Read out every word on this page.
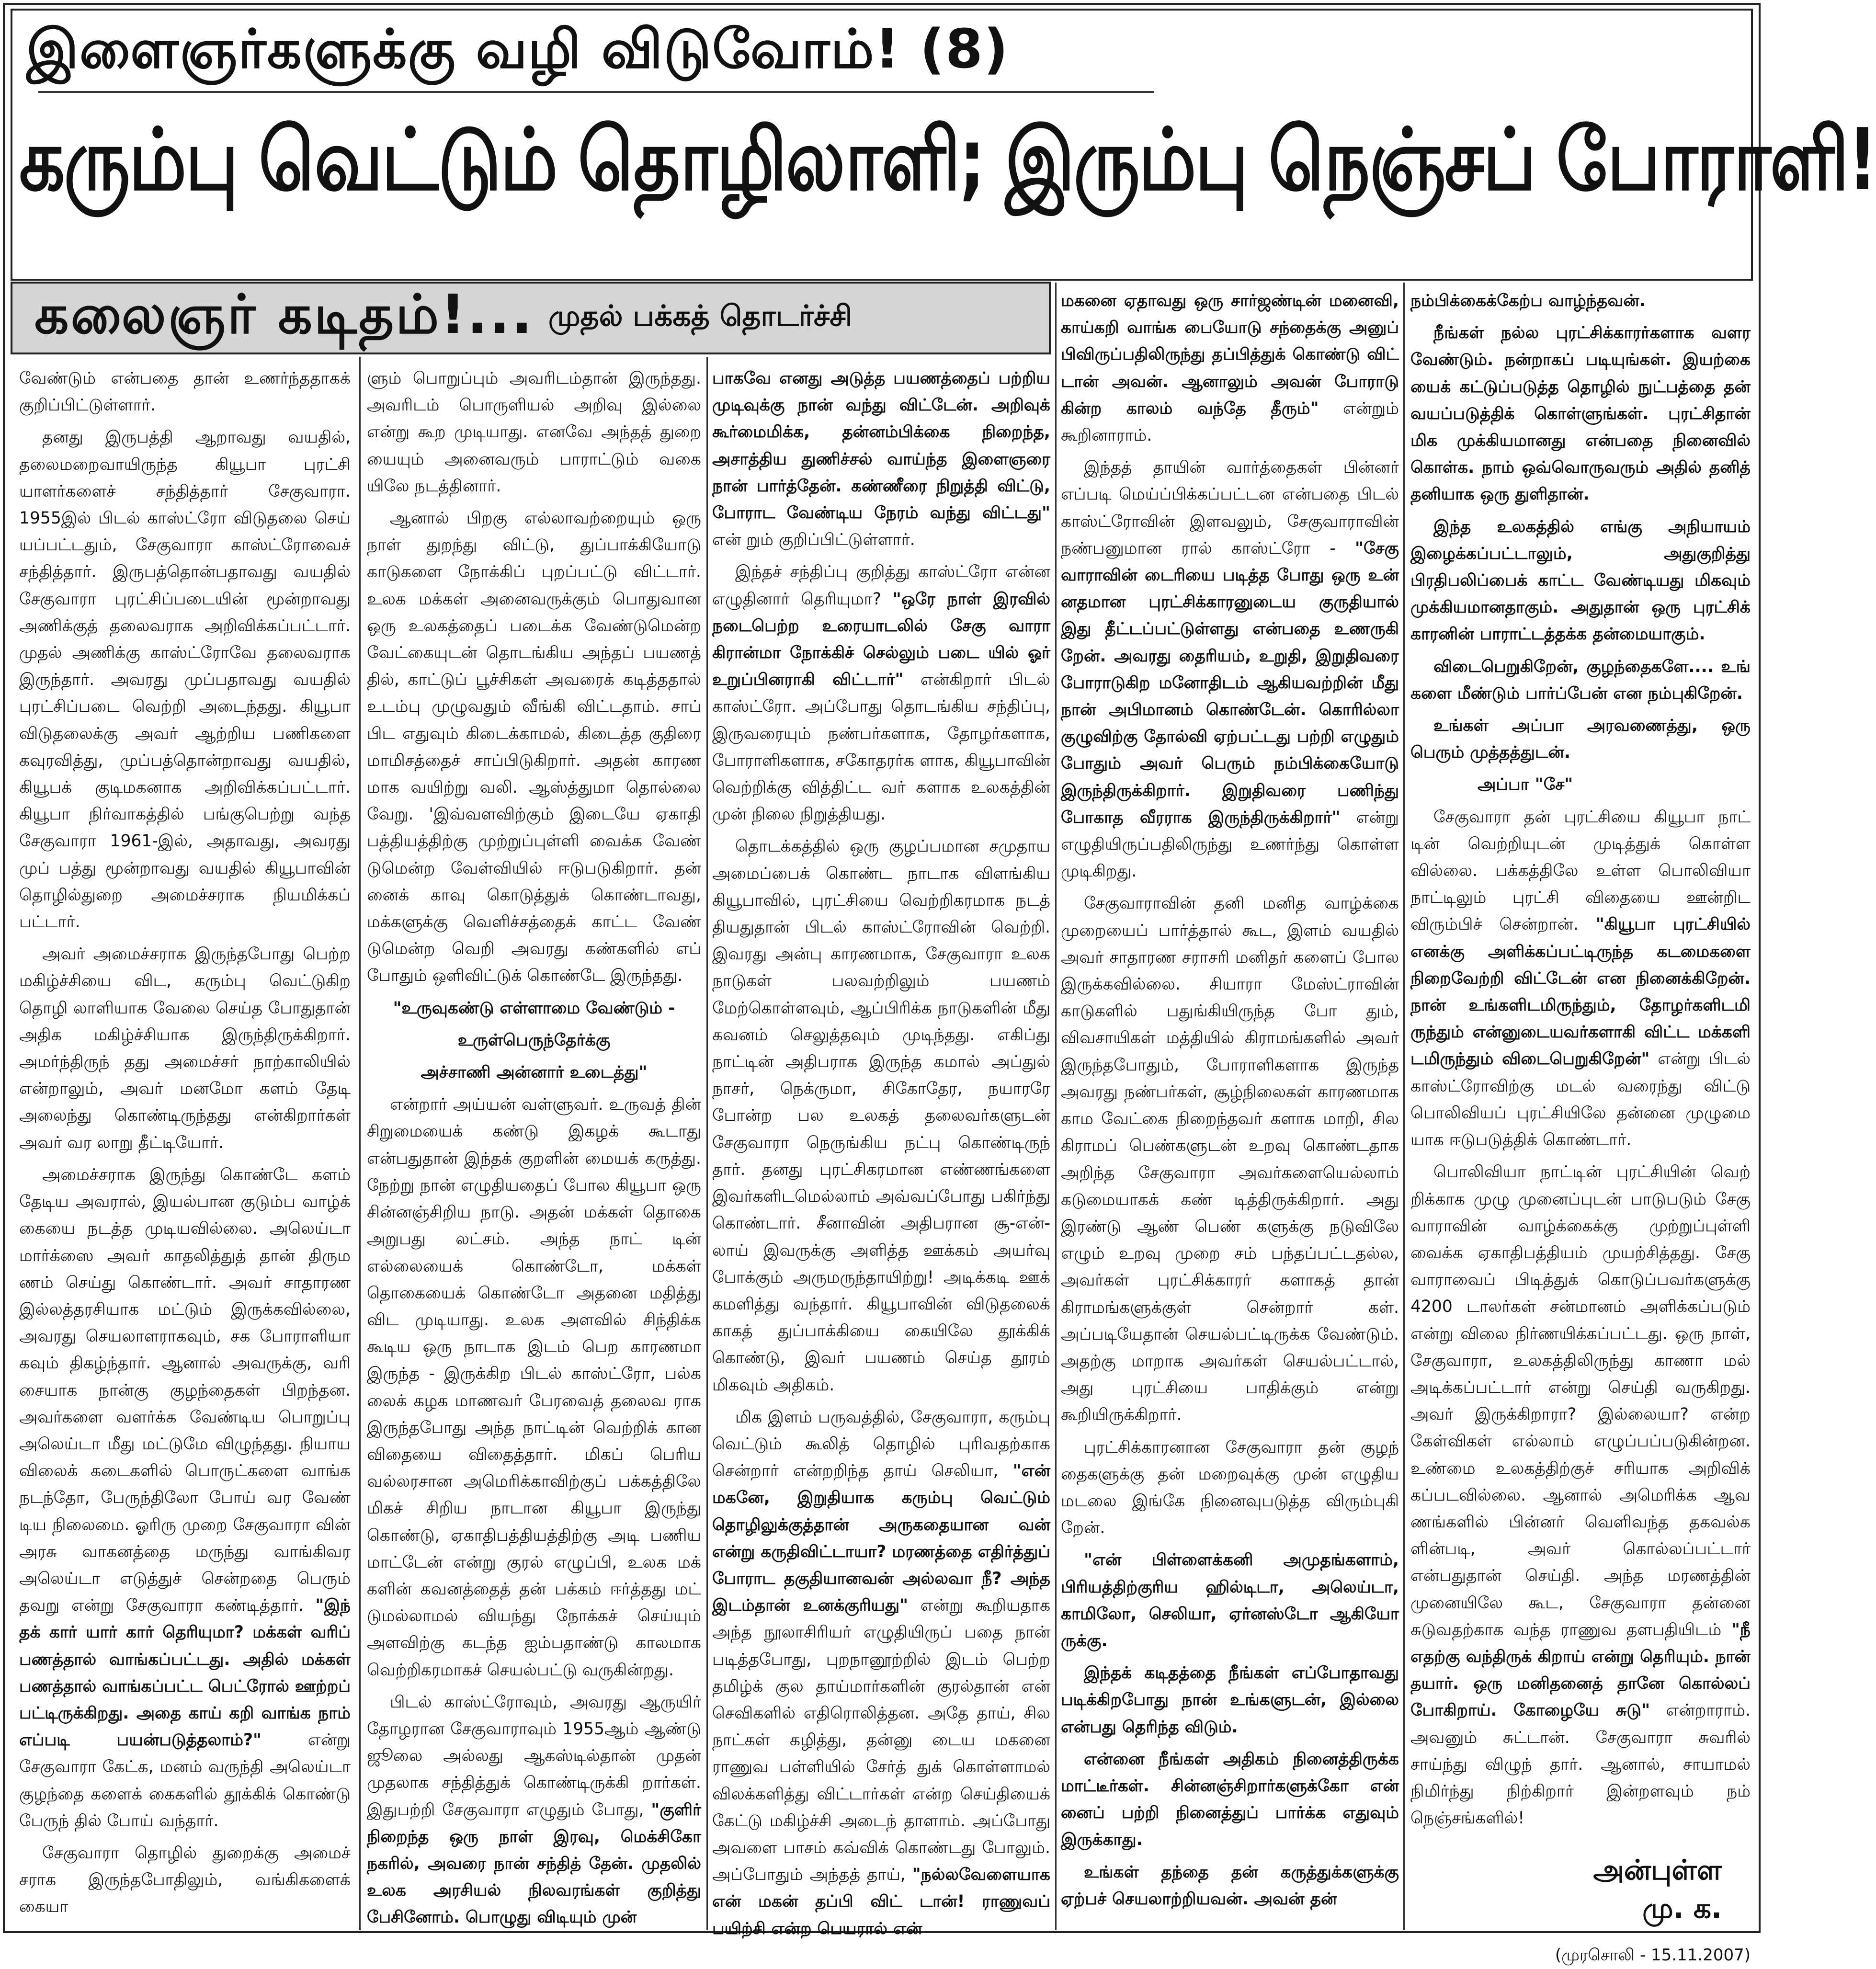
இளைஞர்களுக்கு வழி விடுவோம்! (8)
கரும்பு வெட்டும் தொழிலாளி; இரும்பு நெஞ்சப் போராளி!
கலைஞர் கடிதம்!... முதல் பக்கத் தொடர்ச்சி

வேண்டும் என்பதை தான் உணர்ந்ததாகக் குறிப்பிட்டுள்ளார்.

தனது இருபத்தி ஆறாவது வயதில், தலைமறைவாயிருந்த கியூபா புரட்சி யாளர்களைச் சந்தித்தார் சேகுவாரா. 1955இல் பிடல் காஸ்ட்ரோ விடுதலை செய் யப்பட்டதும், சேகுவாரா காஸ்ட்ரோவைச் சந்தித்தார். இருபத்தொன்பதாவது வயதில் சேகுவாரா புரட்சிப்படையின் மூன்றாவது அணிக்குத் தலைவராக அறிவிக்கப்பட்டார். முதல் அணிக்கு காஸ்ட்ரோவே தலைவராக இருந்தார். அவரது முப்பதாவது வயதில் புரட்சிப்படை வெற்றி அடைந்தது. கியூபா விடுதலைக்கு அவர் ஆற்றிய பணிகளை கவுரவித்து, முப்பத்தொன்றாவது வயதில், கியூபக் குடிமகனாக அறிவிக்கப்பட்டார். கியூபா நிர்வாகத்தில் பங்குபெற்று வந்த சேகுவாரா 1961-இல், அதாவது, அவரது முப் பத்து மூன்றாவது வயதில் கியூபாவின் தொழில்துறை அமைச்சராக நியமிக்கப் பட்டார்.

அவர் அமைச்சராக இருந்தபோது பெற்ற மகிழ்ச்சியை விட, கரும்பு வெட்டுகிற தொழி லாளியாக வேலை செய்த போதுதான் அதிக மகிழ்ச்சியாக இருந்திருக்கிறார். அமர்ந்திருந் தது அமைச்சர் நாற்காலியில் என்றாலும், அவர் மனமோ களம் தேடி அலைந்து கொண்டிருந்தது என்கிறார்கள் அவர் வர லாறு தீட்டியோர்.

அமைச்சராக இருந்து கொண்டே களம் தேடிய அவரால், இயல்பான குடும்ப வாழ்க் கையை நடத்த முடியவில்லை. அலெய்டா மார்க்ஸை அவர் காதலித்துத் தான் திரும ணம் செய்து கொண்டார். அவர் சாதாரண இல்லத்தரசியாக மட்டும் இருக்கவில்லை, அவரது செயலாளராகவும், சக போராளியா கவும் திகழ்ந்தார். ஆனால் அவருக்கு, வரி சையாக நான்கு குழந்தைகள் பிறந்தன. அவர்களை வளர்க்க வேண்டிய பொறுப்பு அலெய்டா மீது மட்டுமே விழுந்தது. நியாய விலைக் கடைகளில் பொருட்களை வாங்க நடந்தோ, பேருந்திலோ போய் வர வேண் டிய நிலைமை. ஓரிரு முறை சேகுவாரா வின் அரசு வாகனத்தை மருந்து வாங்கிவர அலெய்டா எடுத்துச் சென்றதை பெரும் தவறு என்று சேகுவாரா கண்டித்தார். "இந் தக் கார் யார் கார் தெரியுமா? மக்கள் வரிப் பணத்தால் வாங்கப்பட்டது. அதில் மக்கள் பணத்தால் வாங்கப்பட்ட பெட்ரோல் ஊற்றப் பட்டிருக்கிறது. அதை காய் கறி வாங்க நாம் எப்படி பயன்படுத்தலாம்?"	என்று சேகுவாரா கேட்க, மனம் வருந்தி அலெய்டா குழந்தை களைக் கைகளில் தூக்கிக் கொண்டு பேருந் தில் போய் வந்தார்.

சேகுவாரா தொழில் துறைக்கு அமைச் சராக இருந்தபோதிலும், வங்கிகளைக் கையா

ளும் பொறுப்பும் அவரிடம்தான் இருந்தது. அவரிடம் பொருளியல் அறிவு இல்லை என்று கூற முடியாது. எனவே அந்தத் துறை யையும் அனைவரும் பாராட்டும் வகை யிலே நடத்தினார்.

ஆனால் பிறகு எல்லாவற்றையும் ஒரு நாள் துறந்து விட்டு, துப்பாக்கியோடு காடுகளை நோக்கிப் புறப்பட்டு விட்டார். உலக மக்கள் அனைவருக்கும் பொதுவான ஒரு உலகத்தைப் படைக்க வேண்டுமென்ற வேட்கையுடன் தொடங்கிய அந்தப் பயணத் தில், காட்டுப் பூச்சிகள் அவரைக் கடித்ததால் உடம்பு முழுவதும் வீங்கி விட்டதாம். சாப் பிட எதுவும் கிடைக்காமல், கிடைத்த குதிரை மாமிசத்தைச் சாப்பிடுகிறார். அதன் காரண மாக வயிற்று வலி. ஆஸ்த்துமா தொல்லை வேறு. 'இவ்வளவிற்கும் இடையே ஏகாதி பத்தியத்திற்கு முற்றுப்புள்ளி வைக்க வேண் டுமென்ற வேள்வியில் ஈடுபடுகிறார். தன் னைக் காவு கொடுத்துக் கொண்டாவது, மக்களுக்கு வெளிச்சத்தைக் காட்ட வேண் டுமென்ற வெறி அவரது கண்களில் எப் போதும் ஒளிவிட்டுக் கொண்டே இருந்தது.

"உருவுகண்டு எள்ளாமை வேண்டும் -

உருள்பெருந்தேர்க்கு

அச்சாணி அன்னார் உடைத்து"

என்றார் அய்யன் வள்ளுவர். உருவத் தின் சிறுமையைக் கண்டு இகழக் கூடாது என்பதுதான் இந்தக் குறளின் மையக் கருத்து. நேற்று நான் எழுதியதைப் போல கியூபா ஒரு சின்னஞ்சிறிய நாடு. அதன் மக்கள் தொகை அறுபது லட்சம். அந்த நாட் டின் எல்லையைக் கொண்டோ, மக்கள் தொகையைக் கொண்டோ அதனை மதித்து விட முடியாது. உலக அளவில் சிந்திக்க கூடிய ஒரு நாடாக இடம் பெற காரணமா இருந்த - இருக்கிற பிடல் காஸ்ட்ரோ, பல்க லைக் கழக மாணவர் பேரவைத் தலைவ ராக இருந்தபோது அந்த நாட்டின் வெற்றிக் கான விதையை விதைத்தார். மிகப் பெரிய வல்லரசான அமெரிக்காவிற்குப் பக்கத்திலே மிகச் சிறிய நாடான கியூபா இருந்து கொண்டு, ஏகாதிபத்தியத்திற்கு அடி பணிய மாட்டேன் என்று குரல் எழுப்பி, உலக மக் களின் கவனத்தைத் தன் பக்கம் ஈர்த்தது மட் டுமல்லாமல் வியந்து நோக்கச் செய்யும் அளவிற்கு கடந்த ஐம்பதாண்டு காலமாக வெற்றிகரமாகச் செயல்பட்டு வருகின்றது.

பிடல் காஸ்ட்ரோவும், அவரது ஆருயிர் தோழரான சேகுவாராவும் 1955ஆம் ஆண்டு ஜூலை அல்லது ஆகஸ்டில்தான் முதன் முதலாக சந்தித்துக் கொண்டிருக்கி றார்கள். இதுபற்றி சேகுவாரா எழுதும் போது, "குளிர் நிறைந்த ஒரு நாள் இரவு, மெக்சிகோ நகரில், அவரை நான் சந்தித் தேன். முதலில் உலக அரசியல் நிலவரங்கள் குறித்து பேசினோம். பொழுது விடியும் முன்

பாகவே எனது அடுத்த பயணத்தைப் பற்றிய முடிவுக்கு நான் வந்து விட்டேன். அறிவுக் கூர்மைமிக்க, தன்னம்பிக்கை நிறைந்த, அசாத்திய துணிச்சல் வாய்ந்த இளைஞரை நான் பார்த்தேன். கண்ணீரை நிறுத்தி விட்டு, போராட வேண்டிய நேரம் வந்து விட்டது" என் றும் குறிப்பிட்டுள்ளார்.

இந்தச் சந்திப்பு குறித்து காஸ்ட்ரோ என்ன எழுதினார் தெரியுமா? "ஒரே நாள் இரவில் நடைபெற்ற உரையாடலில் சேகு வாரா கிரான்மா நோக்கிச் செல்லும் படை யில் ஓர் உறுப்பினராகி விட்டார்" என்கிறார் பிடல் காஸ்ட்ரோ. அப்போது தொடங்கிய சந்திப்பு, இருவரையும் நண்பர்களாக, தோழர்களாக, போராளிகளாக, சகோதரர்க ளாக, கியூபாவின் வெற்றிக்கு வித்திட்ட வர் களாக உலகத்தின் முன் நிலை நிறுத்தியது.

தொடக்கத்தில் ஒரு குழப்பமான சமுதாய அமைப்பைக் கொண்ட நாடாக விளங்கிய கியூபாவில், புரட்சியை வெற்றிகரமாக நடத் தியதுதான் பிடல் காஸ்ட்ரோவின் வெற்றி. இவரது அன்பு காரணமாக, சேகுவாரா உலக நாடுகள் பலவற்றிலும் பயணம் மேற்கொள்ளவும், ஆப்பிரிக்க நாடுகளின் மீது கவனம் செலுத்தவும் முடிந்தது. எகிப்து நாட்டின் அதிபராக இருந்த கமால் அப்துல் நாசர், நெக்ருமா, சிகோதேர, நயாரரே போன்ற பல உலகத் தலைவர்களுடன் சேகுவாரா நெருங்கிய நட்பு கொண்டிருந் தார். தனது புரட்சிகரமான எண்ணங்களை இவர்களிடமெல்லாம் அவ்வப்போது பகிர்ந்து கொண்டார். சீனாவின் அதிபரான சூ-என்- லாய் இவருக்கு அளித்த ஊக்கம் அயர்வு போக்கும் அருமருந்தாயிற்று! அடிக்கடி ஊக் கமளித்து வந்தார். கியூபாவின் விடுதலைக் காகத் துப்பாக்கியை கையிலே தூக்கிக் கொண்டு, இவர் பயணம் செய்த தூரம் மிகவும் அதிகம்.

மிக இளம் பருவத்தில், சேகுவாரா, கரும்பு வெட்டும் கூலித் தொழில் புரிவதற்காக சென்றார் என்றறிந்த தாய் செலியா, "என் மகனே, இறுதியாக கரும்பு வெட்டும் தொழிலுக்குத்தான் அருகதையான வன் என்று கருதிவிட்டாயா? மரணத்தை எதிர்த்துப் போராட தகுதியானவன் அல்லவா நீ? அந்த இடம்தான் உனக்குரியது" என்று கூறியதாக அந்த நூலாசிரியர் எழுதியிருப் பதை நான் படித்தபோது, புறநானூற்றில் இடம் பெற்ற தமிழ்க் குல தாய்மார்களின் குரல்தான் என் செவிகளில் எதிரொலித்தன. அதே தாய், சில நாட்கள் கழித்து, தன்னு டைய மகனை ராணுவ பள்ளியில் சேர்த் துக் கொள்ளாமல் விலக்களித்து விட்டார்கள் என்ற செய்தியைக் கேட்டு மகிழ்ச்சி அடைந் தாளாம். அப்போது அவளை பாசம் கவ்விக் கொண்டது போலும். அப்போதும் அந்தத் தாய், "நல்லவேளையாக என் மகன் தப்பி விட் டான்! ராணுவப் பயிற்சி என்ற பெயரால் என்

மகனை ஏதாவது ஒரு சார்ஜண்டின் மனைவி, காய்கறி வாங்க பையோடு சந்தைக்கு அனுப் பிவிருப்பதிலிருந்து தப்பித்துக் கொண்டு விட் டான் அவன். ஆனாலும் அவன் போராடு கின்ற காலம் வந்தே தீரும்" என்றும் கூறினாராம்.

இந்தத் தாயின் வார்த்தைகள் பின்னர் எப்படி மெய்ப்பிக்கப்பட்டன என்பதை பிடல் காஸ்ட்ரோவின் இளவலும், சேகுவாராவின் நண்பனுமான ரால் காஸ்ட்ரோ - "சேகு வாராவின் டைரியை படித்த போது ஒரு உன் னதமான புரட்சிக்காரனுடைய குருதியால் இது தீட்டப்பட்டுள்ளது என்பதை உணருகி றேன். அவரது தைரியம், உறுதி, இறுதிவரை போராடுகிற மனோதிடம் ஆகியவற்றின் மீது நான் அபிமானம் கொண்டேன். கொரில்லா குழுவிற்கு தோல்வி ஏற்பட்டது பற்றி எழுதும் போதும் அவர் பெரும் நம்பிக்கையோடு இருந்திருக்கிறார். இறுதிவரை பணிந்து போகாத வீரராக இருந்திருக்கிறார்" என்று எழுதியிருப்பதிலிருந்து உணர்ந்து கொள்ள முடிகிறது.

சேகுவாராவின் தனி மனித வாழ்க்கை முறையைப் பார்த்தால் கூட, இளம் வயதில் அவர் சாதாரண சராசரி மனிதர் களைப் போல இருக்கவில்லை. சியாரா மேஸ்ட்ராவின் காடுகளில் பதுங்கியிருந்த போ தும், விவசாயிகள் மத்தியில் கிராமங்களில் அவர் இருந்தபோதும், போராளிகளாக இருந்த அவரது நண்பர்கள், சூழ்நிலைகள் காரணமாக காம வேட்கை நிறைந்தவர் களாக மாறி, சில கிராமப் பெண்களுடன் உறவு கொண்டதாக அறிந்த சேகுவாரா அவர்களையெல்லாம் கடுமையாகக் கண் டித்திருக்கிறார். அது இரண்டு ஆண் பெண் களுக்கு நடுவிலே எழும் உறவு முறை சம் பந்தப்பட்டதல்ல, அவர்கள் புரட்சிக்காரர் களாகத் தான் கிராமங்களுக்குள் சென்றார் கள். அப்படியேதான் செயல்பட்டிருக்க வேண்டும். அதற்கு மாறாக அவர்கள் செயல்பட்டால், அது புரட்சியை பாதிக்கும் என்று கூறியிருக்கிறார்.

புரட்சிக்காரனான சேகுவாரா தன் குழந் தைகளுக்கு தன் மறைவுக்கு முன் எழுதிய மடலை இங்கே நினைவுபடுத்த விரும்புகி றேன்.

"என் பிள்ளைக்கனி அமுதங்களாம், பிரியத்திற்குரிய ஹில்டிடா, அலெய்டா, காமிலோ, செலியா, ஏர்னஸ்டோ ஆகியோ ருக்கு.

இந்தக் கடிதத்தை நீங்கள் எப்போதாவது படிக்கிறபோது நான் உங்களுடன், இல்லை என்பது தெரிந்த விடும்.

என்னை நீங்கள் அதிகம் நினைத்திருக்க மாட்டீர்கள். சின்னஞ்சிறார்களுக்கோ என் னைப் பற்றி நினைத்துப் பார்க்க எதுவும் இருக்காது.

உங்கள் தந்தை தன் கருத்துக்களுக்கு ஏற்பச் செயலாற்றியவன். அவன் தன்

நம்பிக்கைக்கேற்ப வாழ்ந்தவன்.

நீங்கள் நல்ல புரட்சிக்காரர்களாக வளர வேண்டும். நன்றாகப் படியுங்கள். இயற்கை யைக் கட்டுப்படுத்த தொழில் நுட்பத்தை தன் வயப்படுத்திக் கொள்ளுங்கள். புரட்சிதான் மிக முக்கியமானது என்பதை நினைவில் கொள்க. நாம் ஒவ்வொருவரும் அதில் தனித் தனியாக ஒரு துளிதான்.

இந்த உலகத்தில் எங்கு அநியாயம் இழைக்கப்பட்டாலும், அதுகுறித்து பிரதிபலிப்பைக் காட்ட வேண்டியது மிகவும் முக்கியமானதாகும். அதுதான் ஒரு புரட்சிக் காரனின் பாராட்டத்தக்க தன்மையாகும்.

விடைபெறுகிறேன், குழந்தைகளே.... உங் களை மீண்டும் பார்ப்பேன் என நம்புகிறேன்.

உங்கள் அப்பா அரவணைத்து, ஒரு பெரும் முத்தத்துடன்.

அப்பா "சே"

சேகுவாரா தன் புரட்சியை கியூபா நாட் டின் வெற்றியுடன் முடித்துக் கொள்ள வில்லை. பக்கத்திலே உள்ள பொலிவியா நாட்டிலும் புரட்சி விதையை ஊன்றிட விரும்பிச் சென்றான். "கியூபா புரட்சியில் எனக்கு அளிக்கப்பட்டிருந்த கடமைகளை நிறைவேற்றி விட்டேன் என நினைக்கிறேன். நான் உங்களிடமிருந்தும், தோழர்களிடமி ருந்தும் என்னுடையவர்களாகி விட்ட மக்களி டமிருந்தும் விடைபெறுகிறேன்" என்று பிடல் காஸ்ட்ரோவிற்கு மடல் வரைந்து விட்டு பொலிவியப் புரட்சியிலே தன்னை முழுமை யாக ஈடுபடுத்திக் கொண்டார்.

பொலிவியா நாட்டின் புரட்சியின் வெற் றிக்காக முழு முனைப்புடன் பாடுபடும் சேகு வாராவின் வாழ்க்கைக்கு முற்றுப்புள்ளி வைக்க ஏகாதிபத்தியம் முயற்சித்தது. சேகு வாராவைப் பிடித்துக் கொடுப்பவர்களுக்கு 4200 டாலர்கள் சன்மானம் அளிக்கப்படும் என்று விலை நிர்ணயிக்கப்பட்டது. ஒரு நாள், சேகுவாரா, உலகத்திலிருந்து காணா மல் அடிக்கப்பட்டார் என்று செய்தி வருகிறது. அவர் இருக்கிறாரா? இல்லையா? என்ற கேள்விகள் எல்லாம் எழுப்பப்படுகின்றன. உண்மை உலகத்திற்குச் சரியாக அறிவிக் கப்படவில்லை. ஆனால் அமெரிக்க ஆவ ணங்களில் பின்னர் வெளிவந்த தகவல்க ளின்படி, அவர் கொல்லப்பட்டார் என்பதுதான் செய்தி. அந்த மரணத்தின் முனையிலே கூட, சேகுவாரா தன்னை சுடுவதற்காக வந்த ராணுவ தளபதியிடம் "நீ எதற்கு வந்திருக் கிறாய் என்று தெரியும். நான் தயார். ஒரு மனிதனைத் தானே கொல்லப் போகிறாய். கோழையே சுடு" என்றாராம். அவனும் சுட்டான். சேகுவாரா சுவரில் சாய்ந்து விழுந் தார். ஆனால், சாயாமல் நிமிர்ந்து நிற்கிறார் இன்றளவும் நம் நெஞ்சங்களில்!

அன்புள்ள
மு. க.
(முரசொலி - 15.11.2007)
